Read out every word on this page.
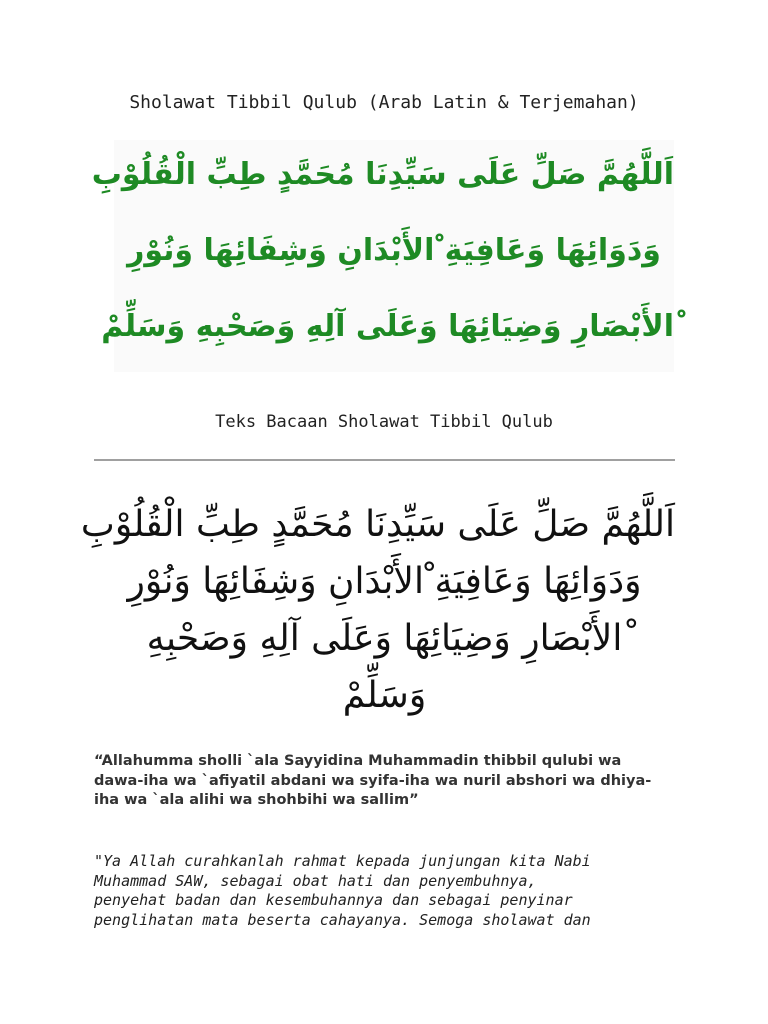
Sholawat Tibbil Qulub (Arab Latin & Terjemahan)
اَللَّهُمَّ صَلِّ عَلَى سَيِّدِنَا مُحَمَّدٍ طِبِّ الْقُلُوْبِ
وَدَوَائِهَا وَعَافِيَةِ ْالأَبْدَانِ وَشِفَائِهَا وَنُوْرِ
ْالأَبْصَارِ وَضِيَائِهَا وَعَلَى آلِهِ وَصَحْبِهِ وَسَلِّمْ
Teks Bacaan Sholawat Tibbil Qulub
اَللَّهُمَّ صَلِّ عَلَى سَيِّدِنَا مُحَمَّدٍ طِبِّ الْقُلُوْبِ
وَدَوَائِهَا وَعَافِيَةِ ْالأَبْدَانِ وَشِفَائِهَا وَنُوْرِ
ْالأَبْصَارِ وَضِيَائِهَا وَعَلَى آلِهِ وَصَحْبِهِ
وَسَلِّمْ
“Allahumma sholli `ala Sayyidina Muhammadin thibbil qulubi wa dawa-iha wa `afiyatil abdani wa syifa-iha wa nuril abshori wa dhiya-iha wa `ala alihi wa shohbihi wa sallim”
"Ya Allah curahkanlah rahmat kepada junjungan kita Nabi
Muhammad SAW, sebagai obat hati dan penyembuhnya,
penyehat badan dan kesembuhannya dan sebagai penyinar
penglihatan mata beserta cahayanya. Semoga sholawat dan
